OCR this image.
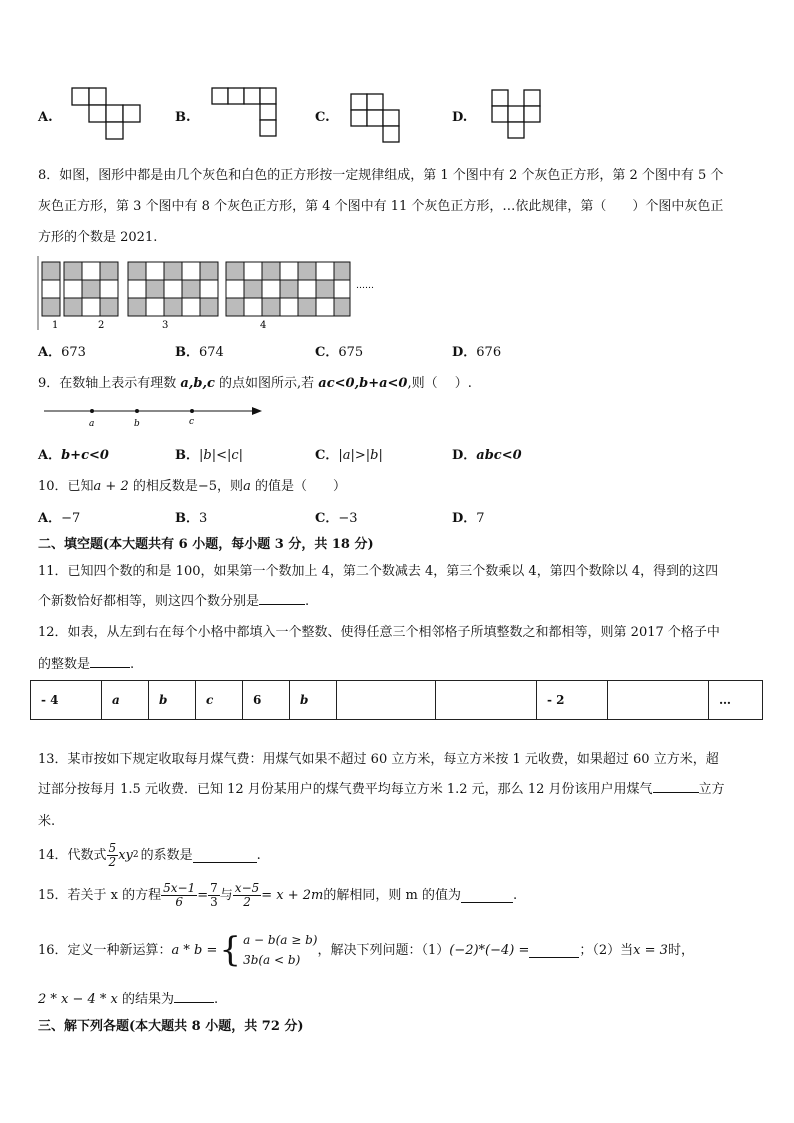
A.	B.	C.	D.
8．如图，图形中都是由几个灰色和白色的正方形按一定规律组成，第 1 个图中有 2 个灰色正方形，第 2 个图中有 5 个
灰色正方形，第 3 个图中有 8 个灰色正方形，第 4 个图中有 11 个灰色正方形，…依此规律，第（　　）个图中灰色正
方形的个数是 2021.
……
1	2	3	4
A．673	B．674	C．675	D．676
9．在数轴上表示有理数 a,b,c 的点如图所示,若 ac<0,b+a<0,则（　 ）.
a	b	c
A．b+c<0	B．|b|<|c|	C．|a|>|b|	D．abc<0
10．已知a + 2 的相反数是−5，则a 的值是（　　）
A．−7	B．3	C．−3	D．7
二、填空题(本大题共有 6 小题，每小题 3 分，共 18 分)
11．已知四个数的和是 100，如果第一个数加上 4，第二个数减去 4，第三个数乘以 4，第四个数除以 4，得到的这四
个新数恰好都相等，则这四个数分别是	.
12．如表，从左到右在每个小格中都填入一个整数、使得任意三个相邻格子所填整数之和都相等，则第 2017 个格子中
的整数是	.
- 4	a	b	c	6	b			- 2		…
13．某市按如下规定收取每月煤气费：用煤气如果不超过 60 立方米，每立方米按 1 元收费，如果超过 60 立方米，超
过部分按每月 1.5 元收费．已知 12 月份某用户的煤气费平均每立方米 1.2 元，那么 12 月份该用户用煤气	立方
米.
14．代数式 $\frac{5}{2}$ xy 2 的系数是	.
15．若关于 x 的方程 $\frac{5x-1}{6} = \frac{7}{3}$ 与 $\frac{x-5}{2} = x + 2m$ 的解相同，则 m 的值为	.
16．定义一种新运算： a * b = { a − b(a ≥ b)
3b(a < b)
，解决下列问题：（1） (−2)*(−4) =	；（2）当 x = 3 时，
2 * x − 4 * x 的结果为	.
三、解下列各题(本大题共 8 小题，共 72 分)
